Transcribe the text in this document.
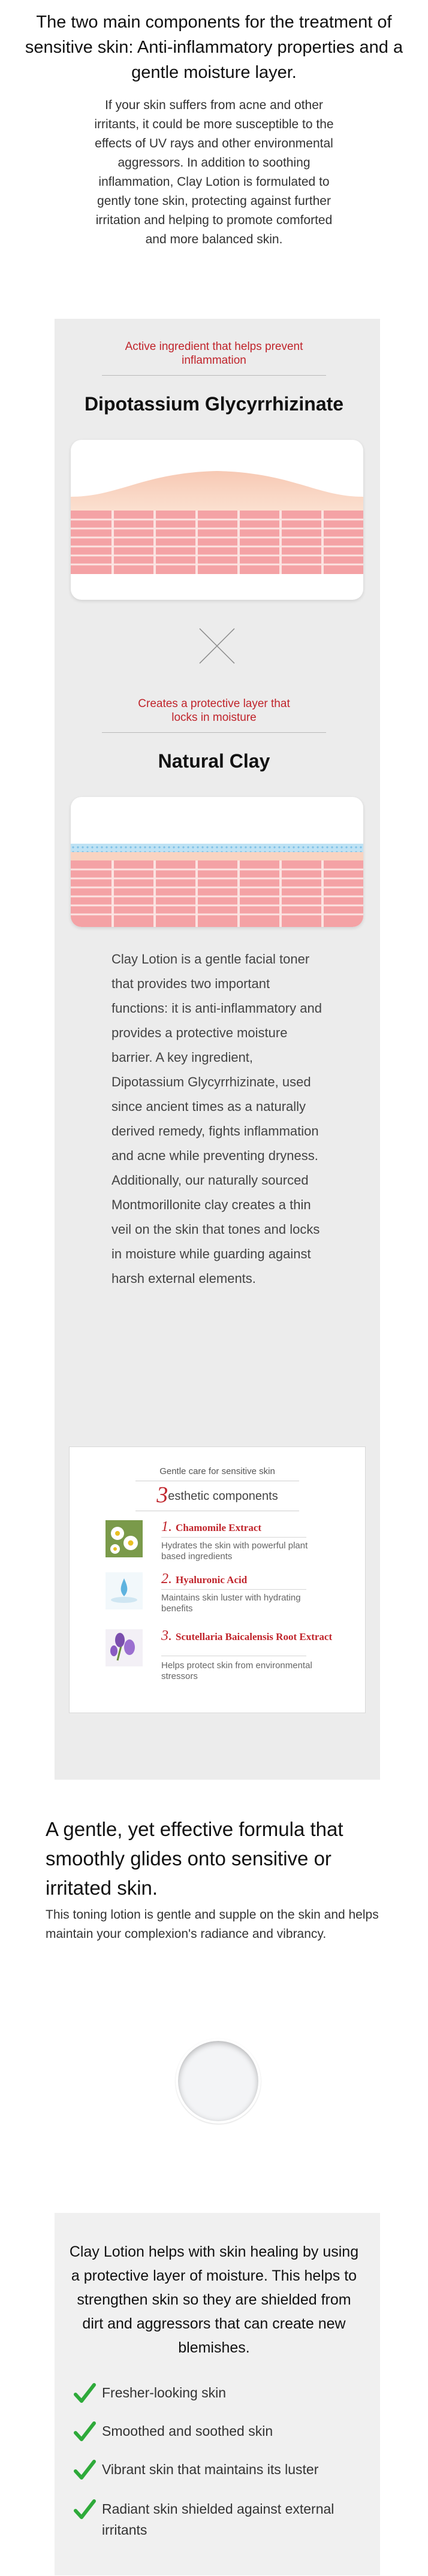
The two main components for the treatment of sensitive skin: Anti-inflammatory properties and a gentle moisture layer.
If your skin suffers from acne and other irritants, it could be more susceptible to the effects of UV rays and other environmental aggressors. In addition to soothing inflammation, Clay Lotion is formulated to gently tone skin, protecting against further irritation and helping to promote comforted and more balanced skin.
Active ingredient that helps prevent inflammation
Dipotassium Glycyrrhizinate
Creates a protective layer that locks in moisture
Natural Clay
Clay Lotion is a gentle facial toner that provides two important functions: it is anti-inflammatory and provides a protective moisture barrier. A key ingredient, Dipotassium Glycyrrhizinate, used since ancient times as a naturally derived remedy, fights inflammation and acne while preventing dryness. Additionally, our naturally sourced Montmorillonite clay creates a thin veil on the skin that tones and locks in moisture while guarding against harsh external elements.
Gentle care for sensitive skin
3esthetic components
1. Chamomile Extract
Hydrates the skin with powerful plant based ingredients
2. Hyaluronic Acid
Maintains skin luster with hydrating benefits
3. Scutellaria Baicalensis Root Extract
Helps protect skin from environmental stressors
A gentle, yet effective formula that smoothly glides onto sensitive or irritated skin.
This toning lotion is gentle and supple on the skin and helps maintain your complexion's radiance and vibrancy.
Clay Lotion helps with skin healing by using a protective layer of moisture. This helps to strengthen skin so they are shielded from dirt and aggressors that can create new blemishes.
Fresher-looking skin
Smoothed and soothed skin
Vibrant skin that maintains its luster
Radiant skin shielded against external irritants
